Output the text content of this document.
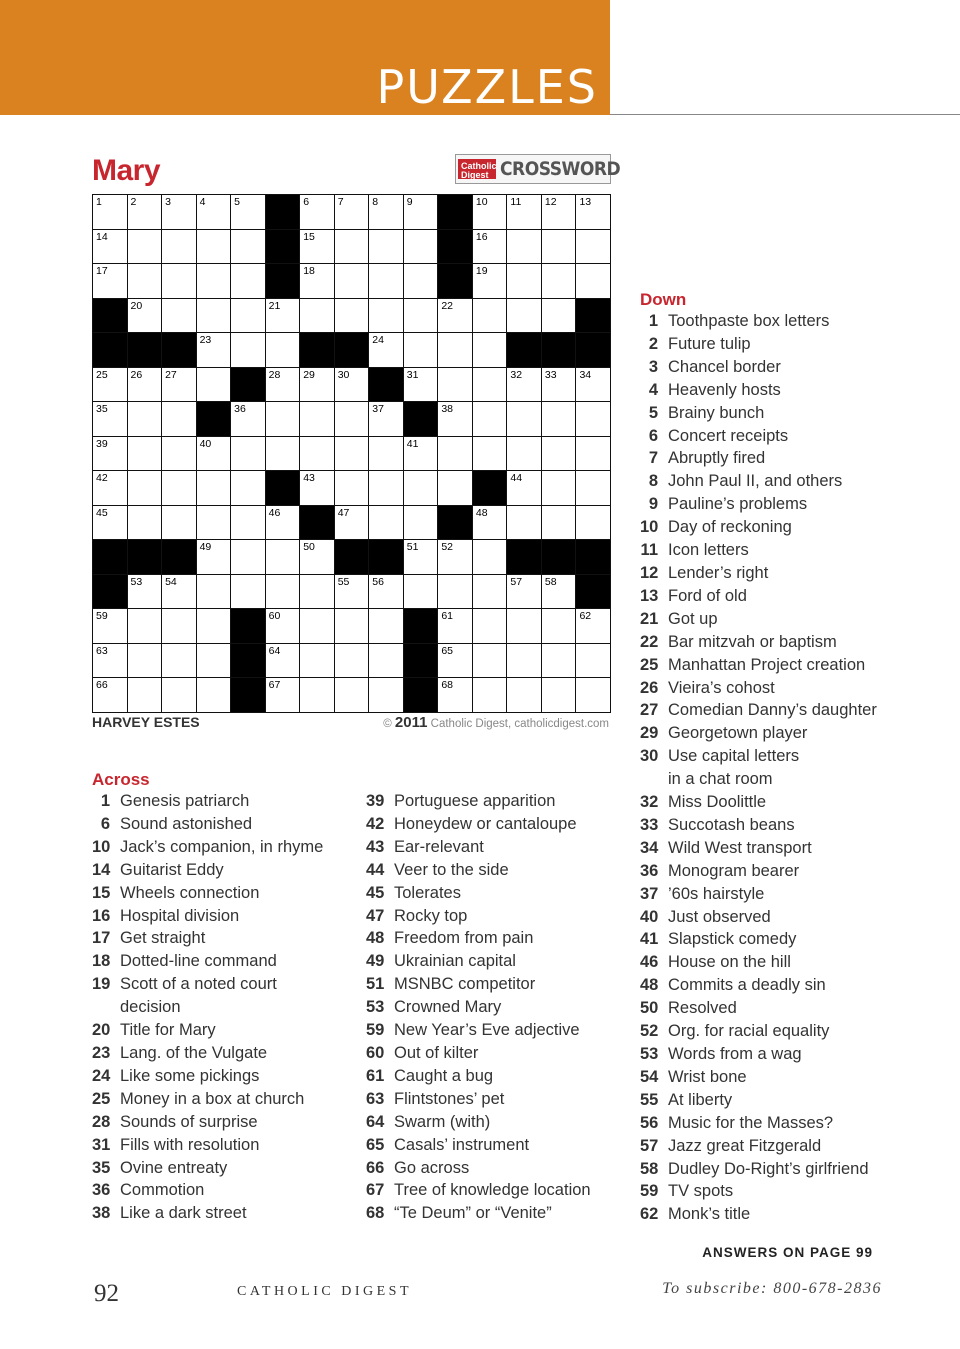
PUZZLES
Mary	Catholic Digest CROSSWORD
1	2	3	4	5	6	7	8	9	10 11 12 13
14	15	16
17	18	19
20	21	22
23	24
25 26 27	28 29 30	31	32 33 34
35	36	37	38
39	40	41
42	43	44
45	46	47	48
49	50	51 52
53 54	55 56	57 58
59	60	61	62
63	64	65
66	67	68
HARVEY ESTES	© 2011 Catholic Digest, catholicdigest.com
Across
1 Genesis patriarch
6 Sound astonished
10 Jack’s companion, in rhyme
14 Guitarist Eddy
15 Wheels connection
16 Hospital division
17 Get straight
18 Dotted-line command
19 Scott of a noted court
decision
20 Title for Mary
23 Lang. of the Vulgate
24 Like some pickings
25 Money in a box at church
28 Sounds of surprise
31 Fills with resolution
35 Ovine entreaty
36 Commotion
38 Like a dark street
39 Portuguese apparition
42 Honeydew or cantaloupe
43 Ear-relevant
44 Veer to the side
45 Tolerates
47 Rocky top
48 Freedom from pain
49 Ukrainian capital
51 MSNBC competitor
53 Crowned Mary
59 New Year’s Eve adjective
60 Out of kilter
61 Caught a bug
63 Flintstones’ pet
64 Swarm (with)
65 Casals’ instrument
66 Go across
67 Tree of knowledge location
68 “Te Deum” or “Venite”
Down
1 Toothpaste box letters
2 Future tulip
3 Chancel border
4 Heavenly hosts
5 Brainy bunch
6 Concert receipts
7 Abruptly fired
8 John Paul II, and others
9 Pauline’s problems
10 Day of reckoning
11 Icon letters
12 Lender’s right
13 Ford of old
21 Got up
22 Bar mitzvah or baptism
25 Manhattan Project creation
26 Vieira’s cohost
27 Comedian Danny’s daughter
29 Georgetown player
30 Use capital letters
in a chat room
32 Miss Doolittle
33 Succotash beans
34 Wild West transport
36 Monogram bearer
37 ’60s hairstyle
40 Just observed
41 Slapstick comedy
46 House on the hill
48 Commits a deadly sin
50 Resolved
52 Org. for racial equality
53 Words from a wag
54 Wrist bone
55 At liberty
56 Music for the Masses?
57 Jazz great Fitzgerald
58 Dudley Do-Right’s girlfriend
59 TV spots
62 Monk’s title
ANSWERS ON PAGE 99
92	CATHOLIC DIGEST	To subscribe: 800-678-2836
